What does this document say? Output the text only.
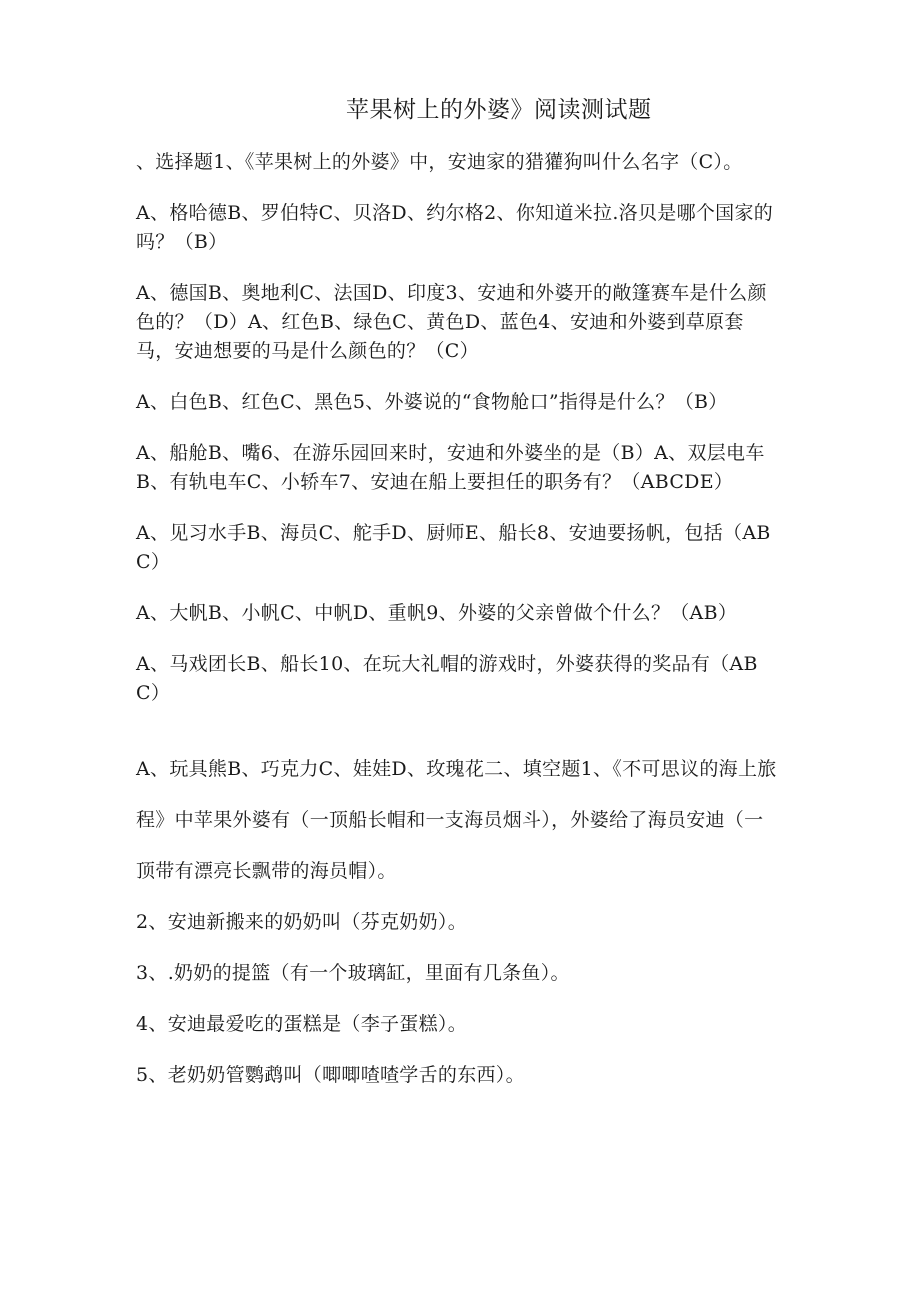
苹果树上的外婆》阅读测试题

、选择题1、《苹果树上的外婆》中，安迪家的猎獾狗叫什么名字（C）。

A、格哈德B、罗伯特C、贝洛D、约尔格2、你知道米拉.洛贝是哪个国家的吗？（B）

A、德国B、奥地利C、法国D、印度3、安迪和外婆开的敞篷赛车是什么颜色的？（D）A、红色B、绿色C、黄色D、蓝色4、安迪和外婆到草原套马，安迪想要的马是什么颜色的？（C）

A、白色B、红色C、黑色5、外婆说的“食物舱口”指得是什么？（B）

A、船舱B、嘴6、在游乐园回来时，安迪和外婆坐的是（B）A、双层电车B、有轨电车C、小轿车7、安迪在船上要担任的职务有？（ABCDE）

A、见习水手B、海员C、舵手D、厨师E、船长8、安迪要扬帆，包括（ABC）

A、大帆B、小帆C、中帆D、重帆9、外婆的父亲曾做个什么？（AB）

A、马戏团长B、船长10、在玩大礼帽的游戏时，外婆获得的奖品有（ABC）

A、玩具熊B、巧克力C、娃娃D、玫瑰花二、填空题1、《不可思议的海上旅程》中苹果外婆有（一顶船长帽和一支海员烟斗），外婆给了海员安迪（一顶带有漂亮长飘带的海员帽）。

2、安迪新搬来的奶奶叫（芬克奶奶）。

3、.奶奶的提篮（有一个玻璃缸，里面有几条鱼）。

4、安迪最爱吃的蛋糕是（李子蛋糕）。

5、老奶奶管鹦鹉叫（唧唧喳喳学舌的东西）。
